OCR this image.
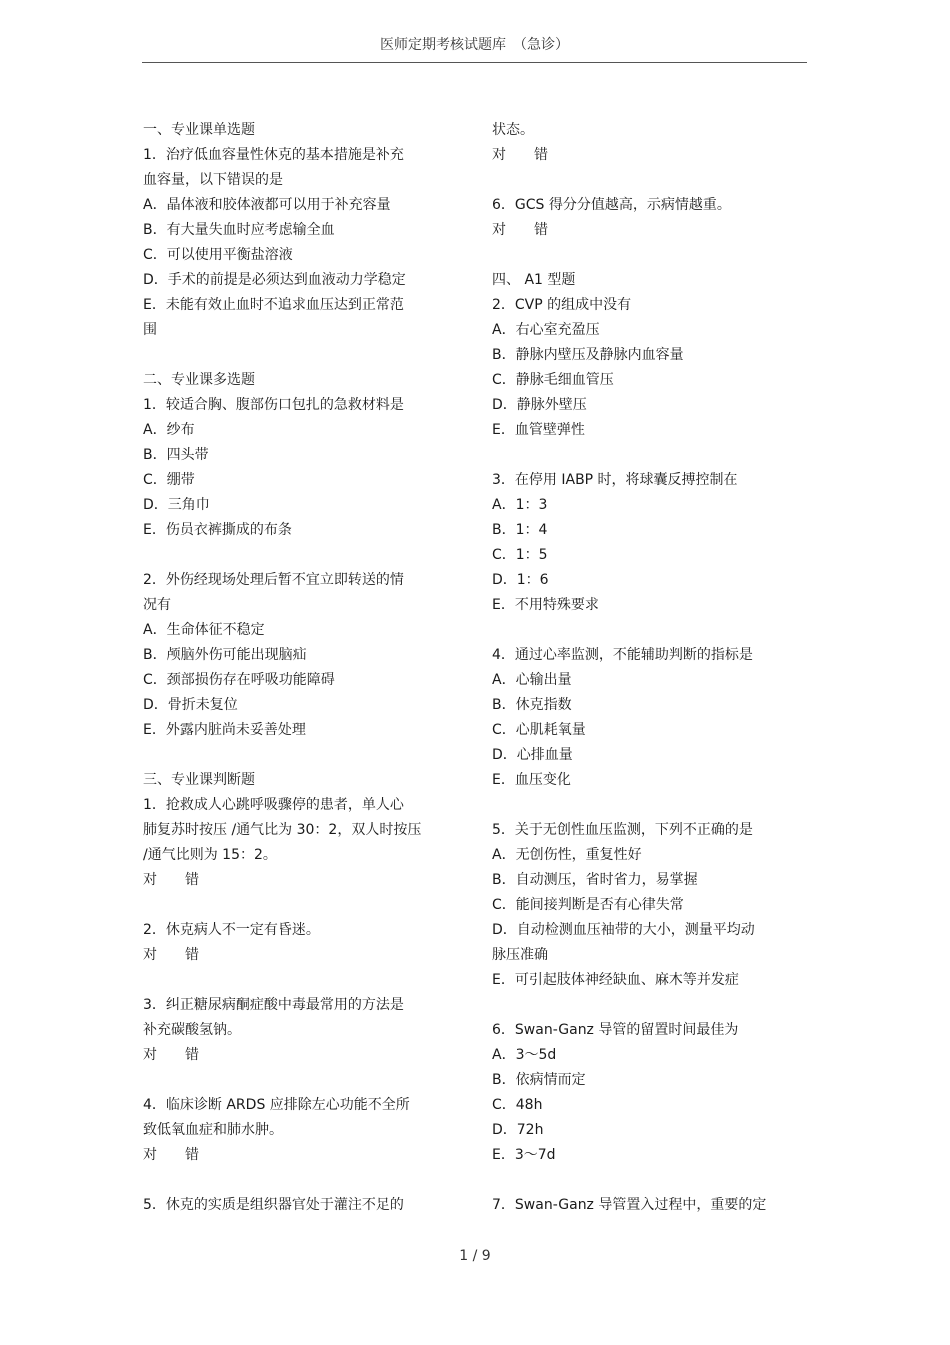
医师定期考核试题库　（急诊）

一、专业课单选题

1．治疗低血容量性休克的基本措施是补充

血容量，以下错误的是

A．晶体液和胶体液都可以用于补充容量

B．有大量失血时应考虑输全血

C．可以使用平衡盐溶液

D．手术的前提是必须达到血液动力学稳定

E．未能有效止血时不追求血压达到正常范

围

二、专业课多选题

1．较适合胸、腹部伤口包扎的急救材料是

A．纱布

B．四头带

C．绷带

D．三角巾

E．伤员衣裤撕成的布条

2．外伤经现场处理后暂不宜立即转送的情

况有

A．生命体征不稳定

B．颅脑外伤可能出现脑疝

C．颈部损伤存在呼吸功能障碍

D．骨折未复位

E．外露内脏尚未妥善处理

三、专业课判断题

1．抢救成人心跳呼吸骤停的患者，单人心

肺复苏时按压 /通气比为 30：2，双人时按压

/通气比则为 15：2。

对　　错

2．休克病人不一定有昏迷。

对　　错

3．纠正糖尿病酮症酸中毒最常用的方法是

补充碳酸氢钠。

对　　错

4．临床诊断 ARDS 应排除左心功能不全所

致低氧血症和肺水肿。

对　　错

5．休克的实质是组织器官处于灌注不足的

状态。

对　　错

6．GCS 得分分值越高，示病情越重。

对　　错

四、 A1 型题

2．CVP 的组成中没有

A．右心室充盈压

B．静脉内壁压及静脉内血容量

C．静脉毛细血管压

D．静脉外壁压

E．血管壁弹性

3．在停用 IABP 时，将球囊反搏控制在

A．1：3

B．1：4

C．1：5

D．1：6

E．不用特殊要求

4．通过心率监测，不能辅助判断的指标是

A．心输出量

B．休克指数

C．心肌耗氧量

D．心排血量

E．血压变化

5．关于无创性血压监测，下列不正确的是

A．无创伤性，重复性好

B．自动测压，省时省力，易掌握

C．能间接判断是否有心律失常

D．自动检测血压袖带的大小，测量平均动

脉压准确

E．可引起肢体神经缺血、麻木等并发症

6．Swan-Ganz 导管的留置时间最佳为

A．3～5d

B．依病情而定

C．48h

D．72h

E．3～7d

7．Swan-Ganz 导管置入过程中，重要的定

1 / 9
